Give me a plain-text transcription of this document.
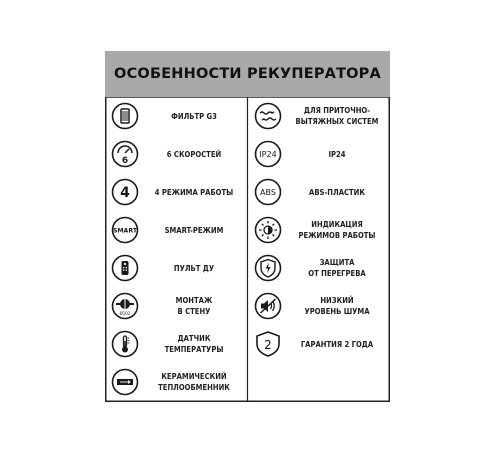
ОСОБЕННОСТИ РЕКУПЕРАТОРА
ФИЛЬТР G3
6
6 СКОРОСТЕЙ
4	4 РЕЖИМА РАБОТЫ
SMART	SMART-РЕЖИМ
ПУЛЬТ ДУ
Ø102
МОНТАЖ
В СТЕНУ
ДАТЧИК
ТЕМПЕРАТУРЫ
КЕРАМИЧЕСКИЙ
ТЕПЛООБМЕННИК
ДЛЯ ПРИТОЧНО-
ВЫТЯЖНЫХ СИСТЕМ
IP24	IP24
ABS	ABS-ПЛАСТИК
ИНДИКАЦИЯ
РЕЖИМОВ РАБОТЫ
ЗАЩИТА
ОТ ПЕРЕГРЕВА
НИЗКИЙ
УРОВЕНЬ ШУМА
2	ГАРАНТИЯ 2 ГОДА
